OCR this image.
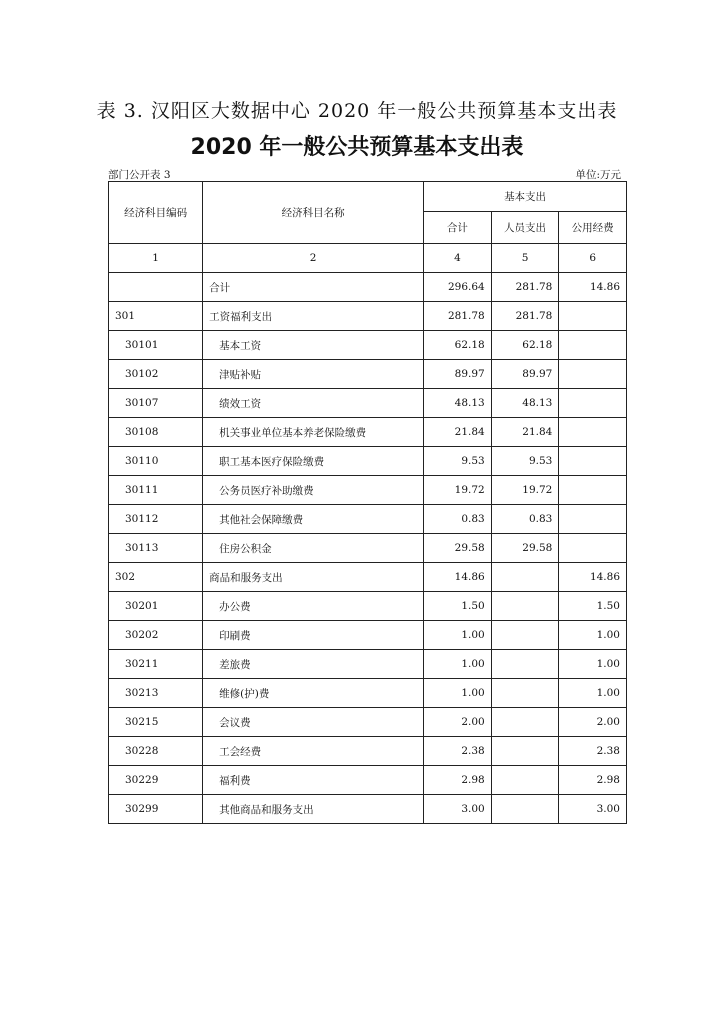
表 3. 汉阳区大数据中心 2020 年一般公共预算基本支出表
2020 年一般公共预算基本支出表
部门公开表 3	单位:万元
经济科目编码	经济科目名称	基本支出		
		合计	人员支出	公用经费
1	2	4	5	6
	合计	296.64	281.78	14.86
301	工资福利支出	281.78	281.78	
30101	基本工资	62.18	62.18	
30102	津贴补贴	89.97	89.97	
30107	绩效工资	48.13	48.13	
30108	机关事业单位基本养老保险缴费	21.84	21.84	
30110	职工基本医疗保险缴费	9.53	9.53	
30111	公务员医疗补助缴费	19.72	19.72	
30112	其他社会保障缴费	0.83	0.83	
30113	住房公积金	29.58	29.58	
302	商品和服务支出	14.86		14.86
30201	办公费	1.50		1.50
30202	印刷费	1.00		1.00
30211	差旅费	1.00		1.00
30213	维修(护)费	1.00		1.00
30215	会议费	2.00		2.00
30228	工会经费	2.38		2.38
30229	福利费	2.98		2.98
30299	其他商品和服务支出	3.00		3.00
